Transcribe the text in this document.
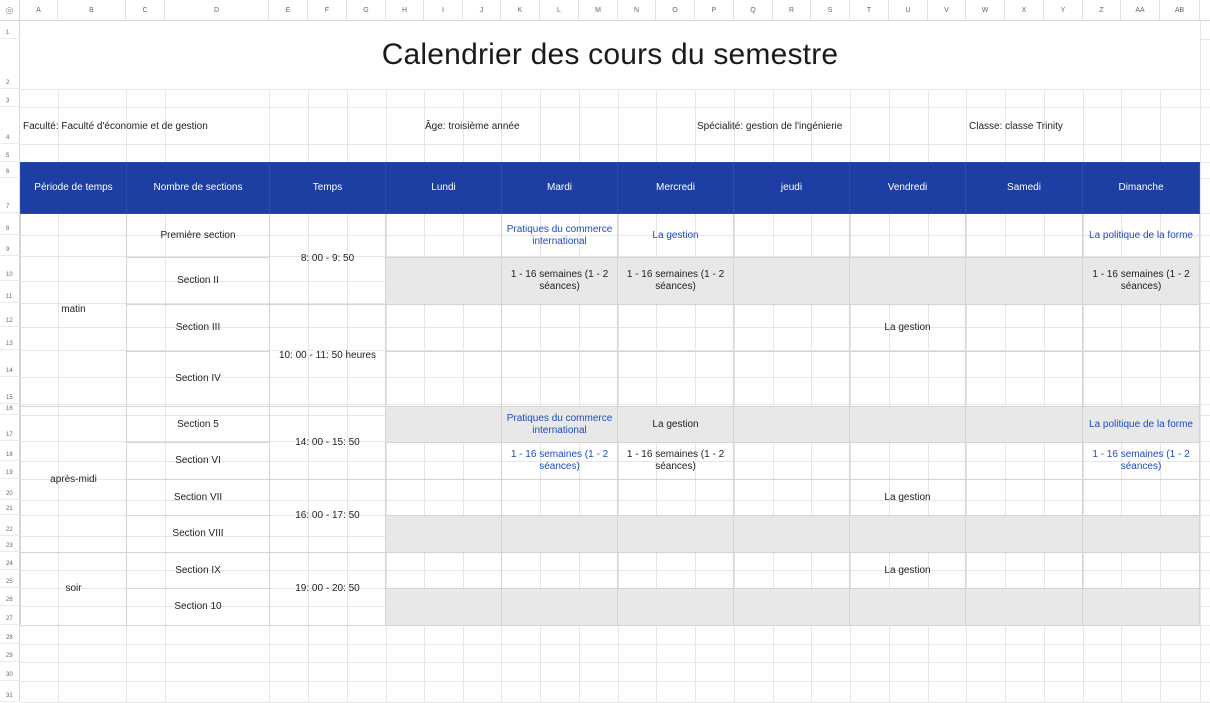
◎	A	B	C	D	E	F	G	H	I	J	K	L	M	N	O	P	Q	R	S	T	U	V	W	X	Y	Z	AA	AB
1
2
3
4
5
6
7
8
9
10
11
12
13
14
15
16
17
18
19
20
21
22
23
24
25
26
27
28
29
30
31
Calendrier des cours du semestre
Faculté: Faculté d'économie et de gestion	Âge: troisième année	Spécialité: gestion de l'ingénierie	Classe: classe Trinity
Période de temps	Nombre de sections	Temps	Lundi	Mardi	Mercredi	jeudi	Vendredi	Samedi	Dimanche
matin	Première section	8: 00 - 9: 50		Pratiques du commerce international	La gestion				La politique de la forme
	Section II			1 - 16 semaines (1 - 2 séances)	1 - 16 semaines (1 - 2 séances)				1 - 16 semaines (1 - 2 séances)
	Section III	10: 00 - 11: 50 heures					La gestion		
	Section IV								
après-midi	Section 5	14: 00 - 15: 50		Pratiques du commerce international	La gestion				La politique de la forme
	Section VI			1 - 16 semaines (1 - 2 séances)	1 - 16 semaines (1 - 2 séances)				1 - 16 semaines (1 - 2 séances)
	Section VII	16: 00 - 17: 50					La gestion		
	Section VIII								
soir	Section IX	19: 00 - 20: 50					La gestion		
	Section 10								
